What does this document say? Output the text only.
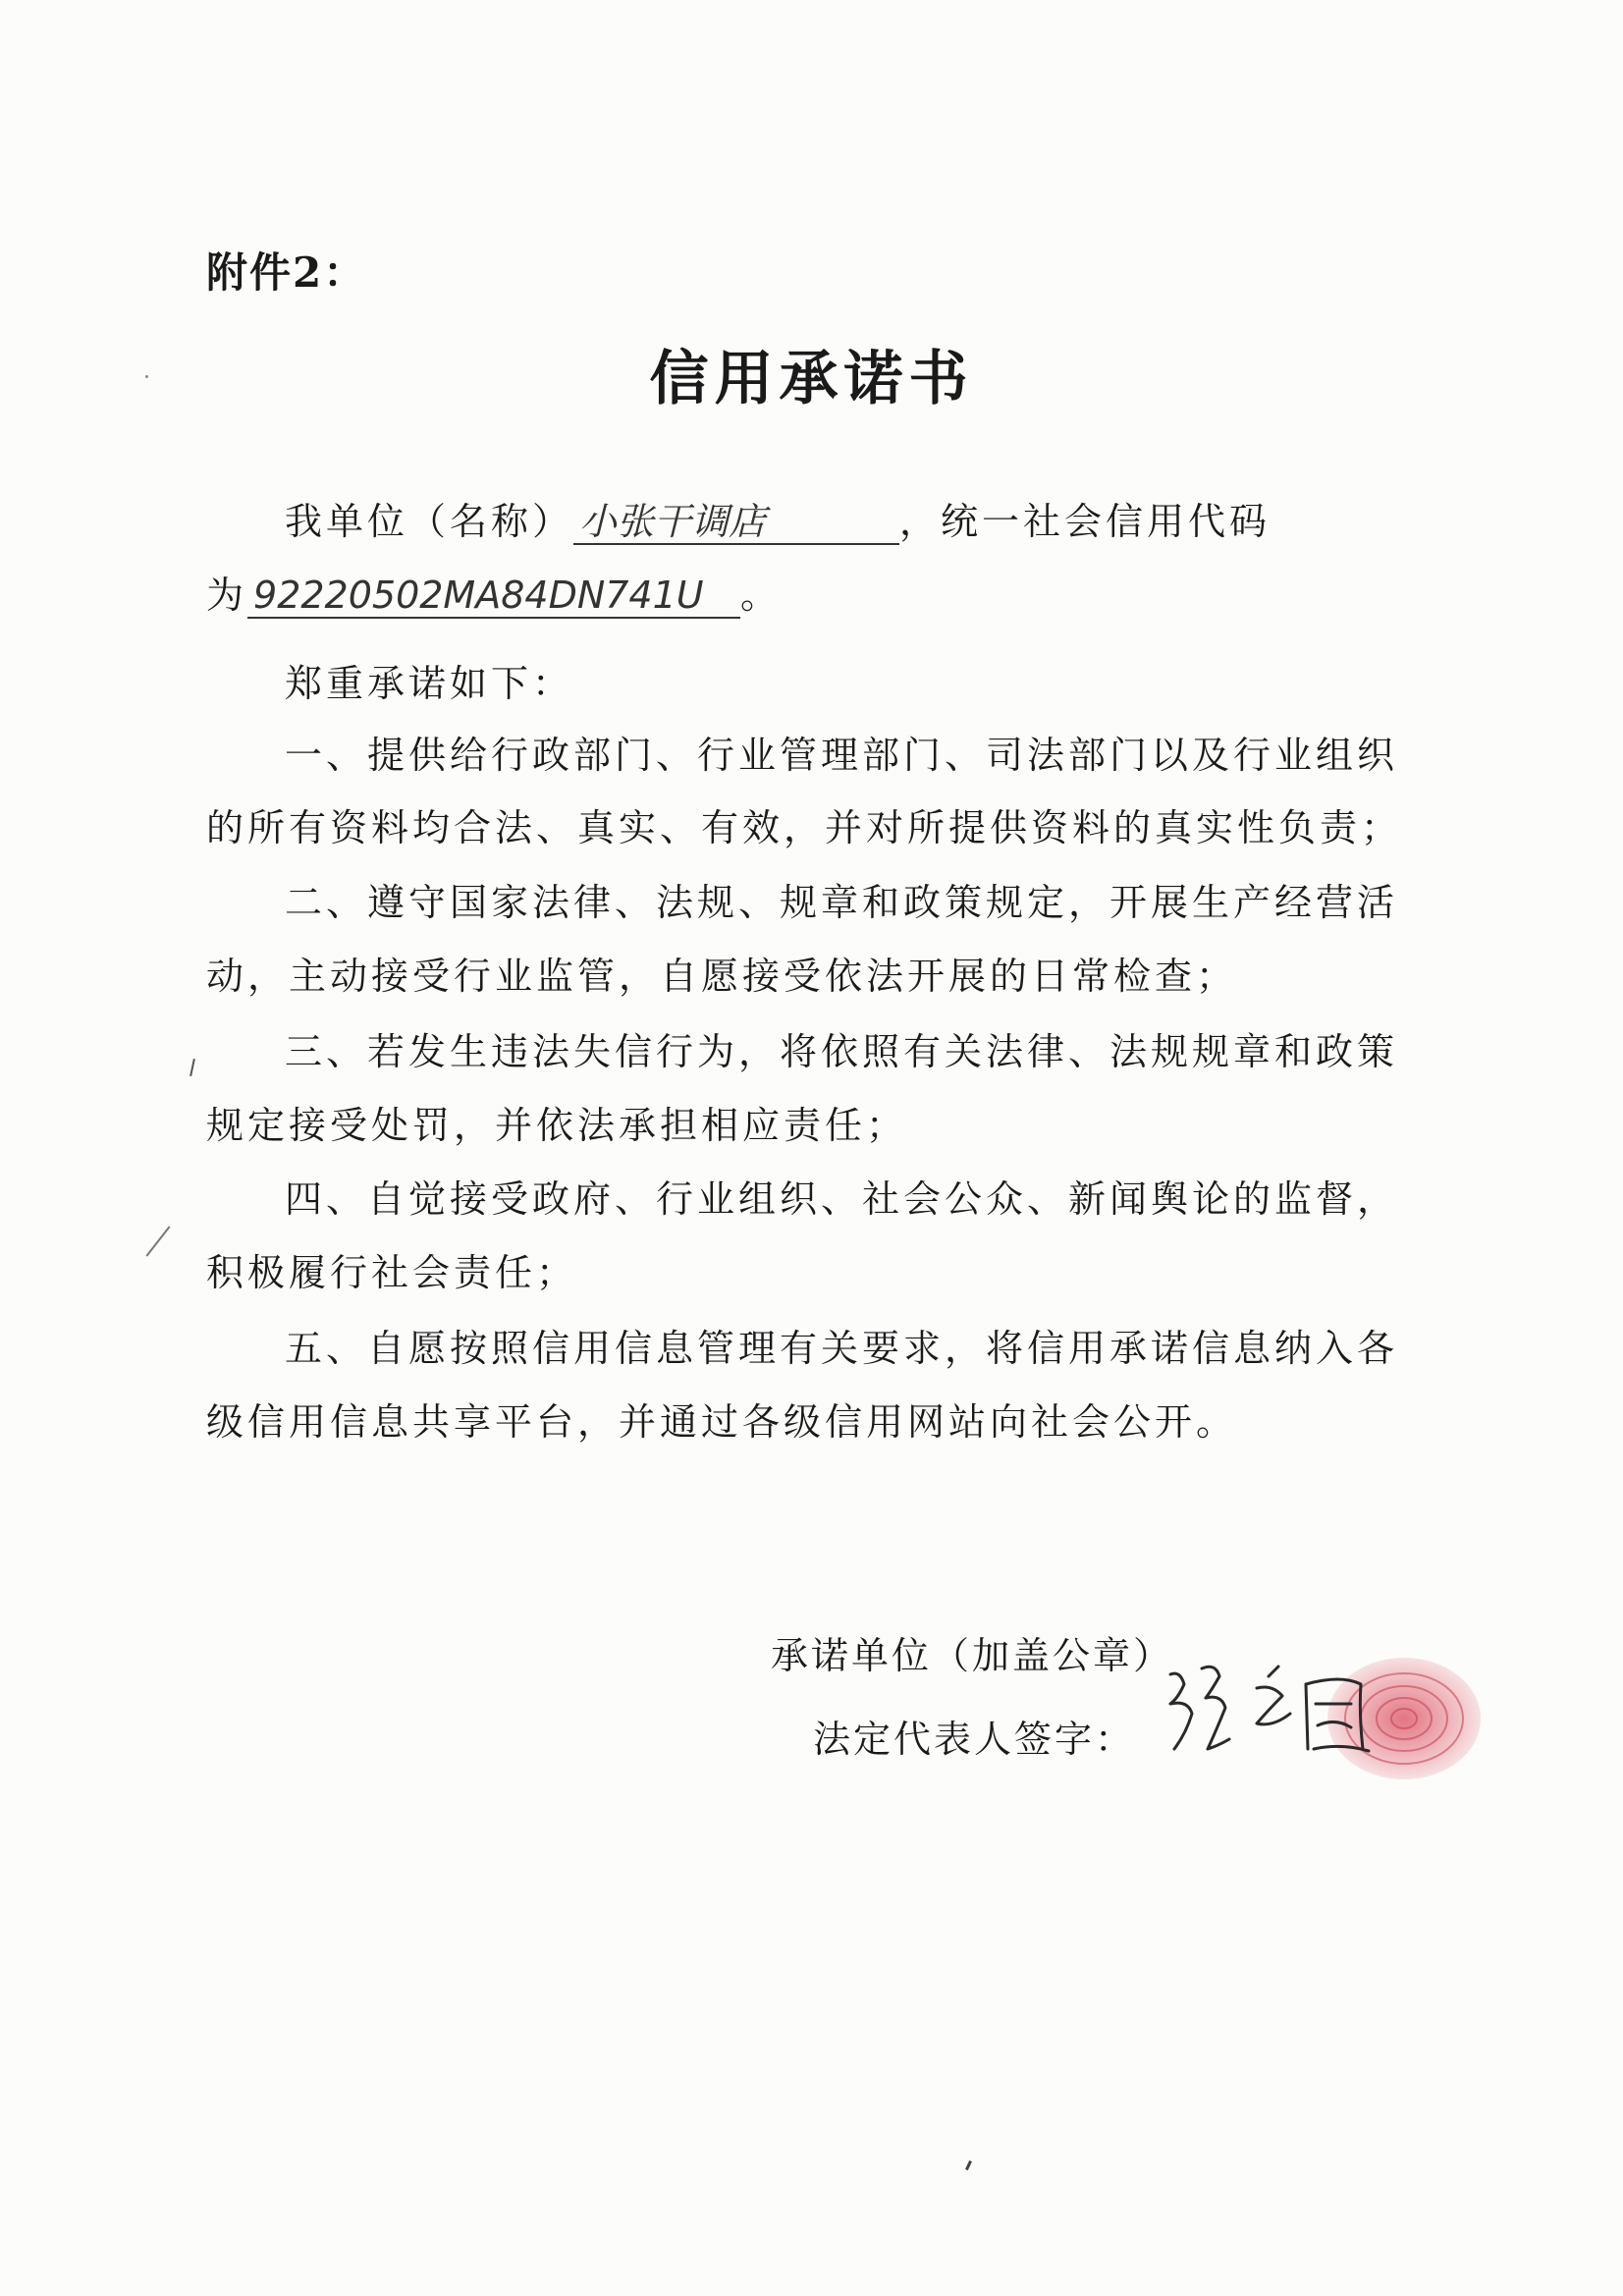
附件2：
信用承诺书
我单位（名称） 小张干调店	，统一社会信用代码
为 92220502MA84DN741U 。
郑重承诺如下：
一、提供给行政部门、行业管理部门、司法部门以及行业组织
的所有资料均合法、真实、有效，并对所提供资料的真实性负责；
二、遵守国家法律、法规、规章和政策规定，开展生产经营活
动，主动接受行业监管，自愿接受依法开展的日常检查；
三、若发生违法失信行为，将依照有关法律、法规规章和政策
规定接受处罚，并依法承担相应责任；
四、自觉接受政府、行业组织、社会公众、新闻舆论的监督，
积极履行社会责任；
五、自愿按照信用信息管理有关要求，将信用承诺信息纳入各
级信用信息共享平台，并通过各级信用网站向社会公开。
承诺单位（加盖公章）
法定代表人签字：
